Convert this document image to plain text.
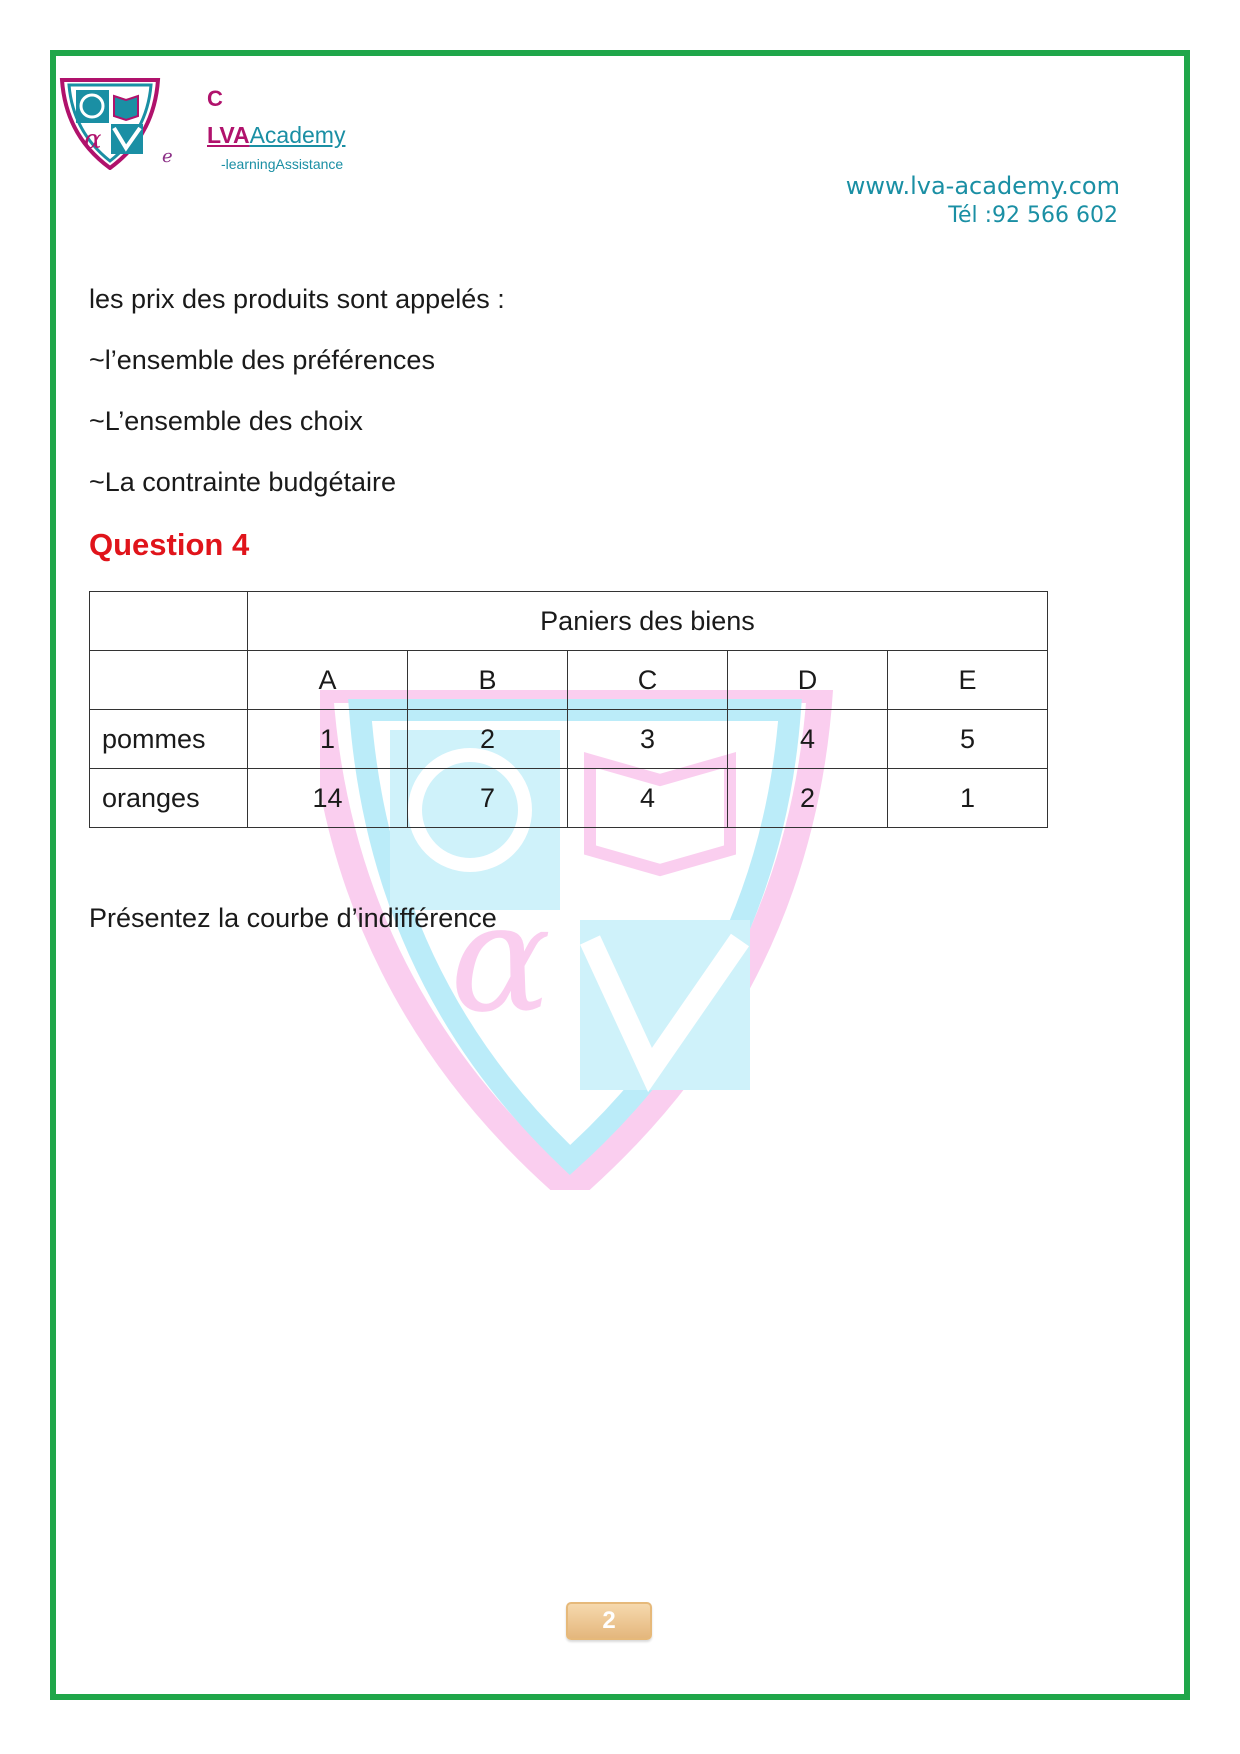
α
α
e
C
LVAAcademy
-learningAssistance
www.lva-academy.com
Tél :92 566 602
les prix des produits sont appelés :
~l’ensemble des préférences
~L’ensemble des choix
~La contrainte budgétaire
Question 4
	Paniers des biens				
	A	B	C	D	E
pommes	1	2	3	4	5
oranges	14	7	4	2	1
Présentez la courbe d’indifférence
2
